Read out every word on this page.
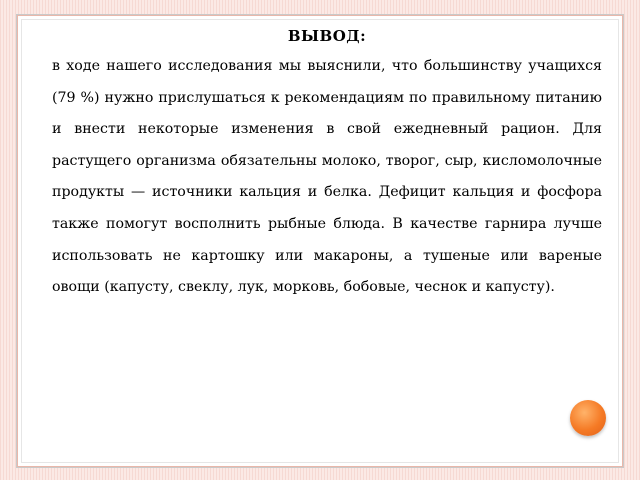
ВЫВОД:

в ходе нашего исследования мы выяснили, что большинству учащихся (79 %) нужно прислушаться к рекомендациям по правильному питанию и внести некоторые изменения в свой ежедневный рацион. Для растущего организма обязательны молоко, творог, сыр, кисломолочные продукты — источники кальция и белка. Дефицит кальция и фосфора также помогут восполнить рыбные блюда. В качестве гарнира лучше использовать не картошку или макароны, а тушеные или вареные овощи (капусту, свеклу, лук, морковь, бобовые, чеснок и капусту).
